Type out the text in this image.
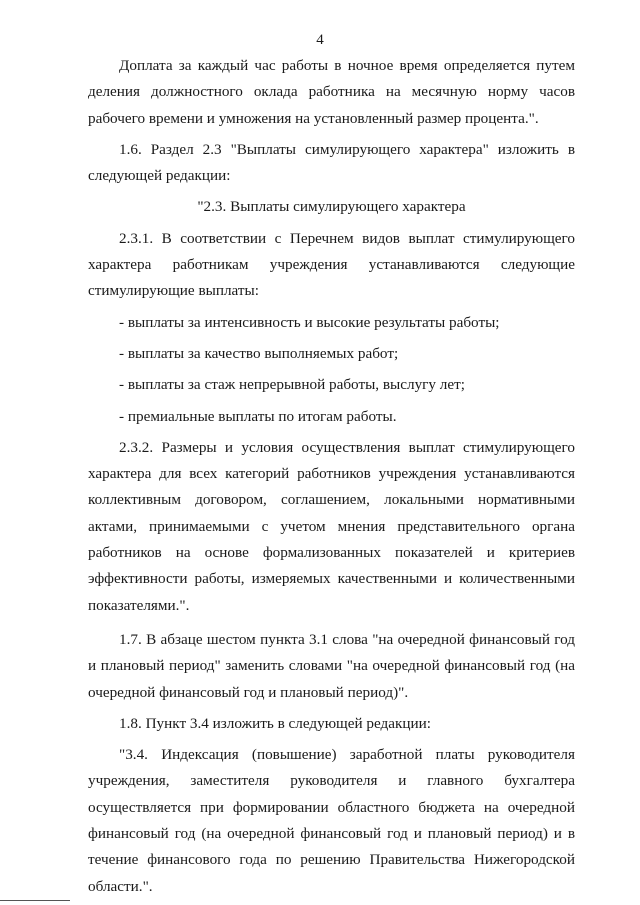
4

Доплата за каждый час работы в ночное время определяется путем деления должностного оклада работника на месячную норму часов рабочего времени и умножения на установленный размер процента.".

1.6. Раздел 2.3 "Выплаты симулирующего характера" изложить в следующей редакции:

"2.3. Выплаты симулирующего характера

2.3.1. В соответствии с Перечнем видов выплат стимулирующего характера работникам учреждения устанавливаются следующие стимулирующие выплаты:

- выплаты за интенсивность и высокие результаты работы;

- выплаты за качество выполняемых работ;

- выплаты за стаж непрерывной работы, выслугу лет;

- премиальные выплаты по итогам работы.

2.3.2. Размеры и условия осуществления выплат стимулирующего характера для всех категорий работников учреждения устанавливаются коллективным договором, соглашением, локальными нормативными актами, принимаемыми с учетом мнения представительного органа работников на основе формализованных показателей и критериев эффективности работы, измеряемых качественными и количественными показателями.".

1.7. В абзаце шестом пункта 3.1 слова "на очередной финансовый год и плановый период" заменить словами "на очередной финансовый год (на очередной финансовый год и плановый период)".

1.8. Пункт 3.4 изложить в следующей редакции:

"3.4. Индексация (повышение) заработной платы руководителя учреждения, заместителя руководителя и главного бухгалтера осуществляется при формировании областного бюджета на очередной финансовый год (на очередной финансовый год и плановый период) и в течение финансового года по решению Правительства Нижегородской области.".
